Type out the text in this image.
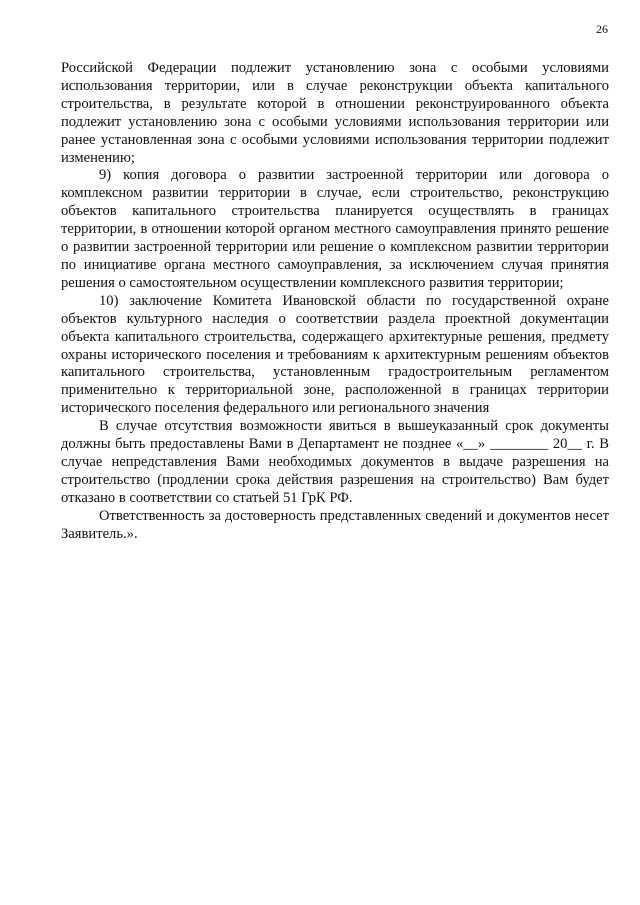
26

Российской Федерации подлежит установлению зона с особыми условиями использования территории, или в случае реконструкции объекта капитального строительства, в результате которой в отношении реконструированного объекта подлежит установлению зона с особыми условиями использования территории или ранее установленная зона с особыми условиями использования территории подлежит изменению;

9) копия договора о развитии застроенной территории или договора о комплексном развитии территории в случае, если строительство, реконструкцию объектов капитального строительства планируется осуществлять в границах территории, в отношении которой органом местного самоуправления принято решение о развитии застроенной территории или решение о комплексном развитии территории по инициативе органа местного самоуправления, за исключением случая принятия решения о самостоятельном осуществлении комплексного развития территории;

10) заключение Комитета Ивановской области по государственной охране объектов культурного наследия о соответствии раздела проектной документации объекта капитального строительства, содержащего архитектурные решения, предмету охраны исторического поселения и требованиям к архитектурным решениям объектов капитального строительства, установленным градостроительным регламентом применительно к территориальной зоне, расположенной в границах территории исторического поселения федерального или регионального значения

В случае отсутствия возможности явиться в вышеуказанный срок документы должны быть предоставлены Вами в Департамент не позднее «__» ________ 20__ г. В случае непредставления Вами необходимых документов в выдаче разрешения на строительство (продлении срока действия разрешения на строительство) Вам будет отказано в соответствии со статьей 51 ГрК РФ.

Ответственность за достоверность представленных сведений и документов несет Заявитель.».
